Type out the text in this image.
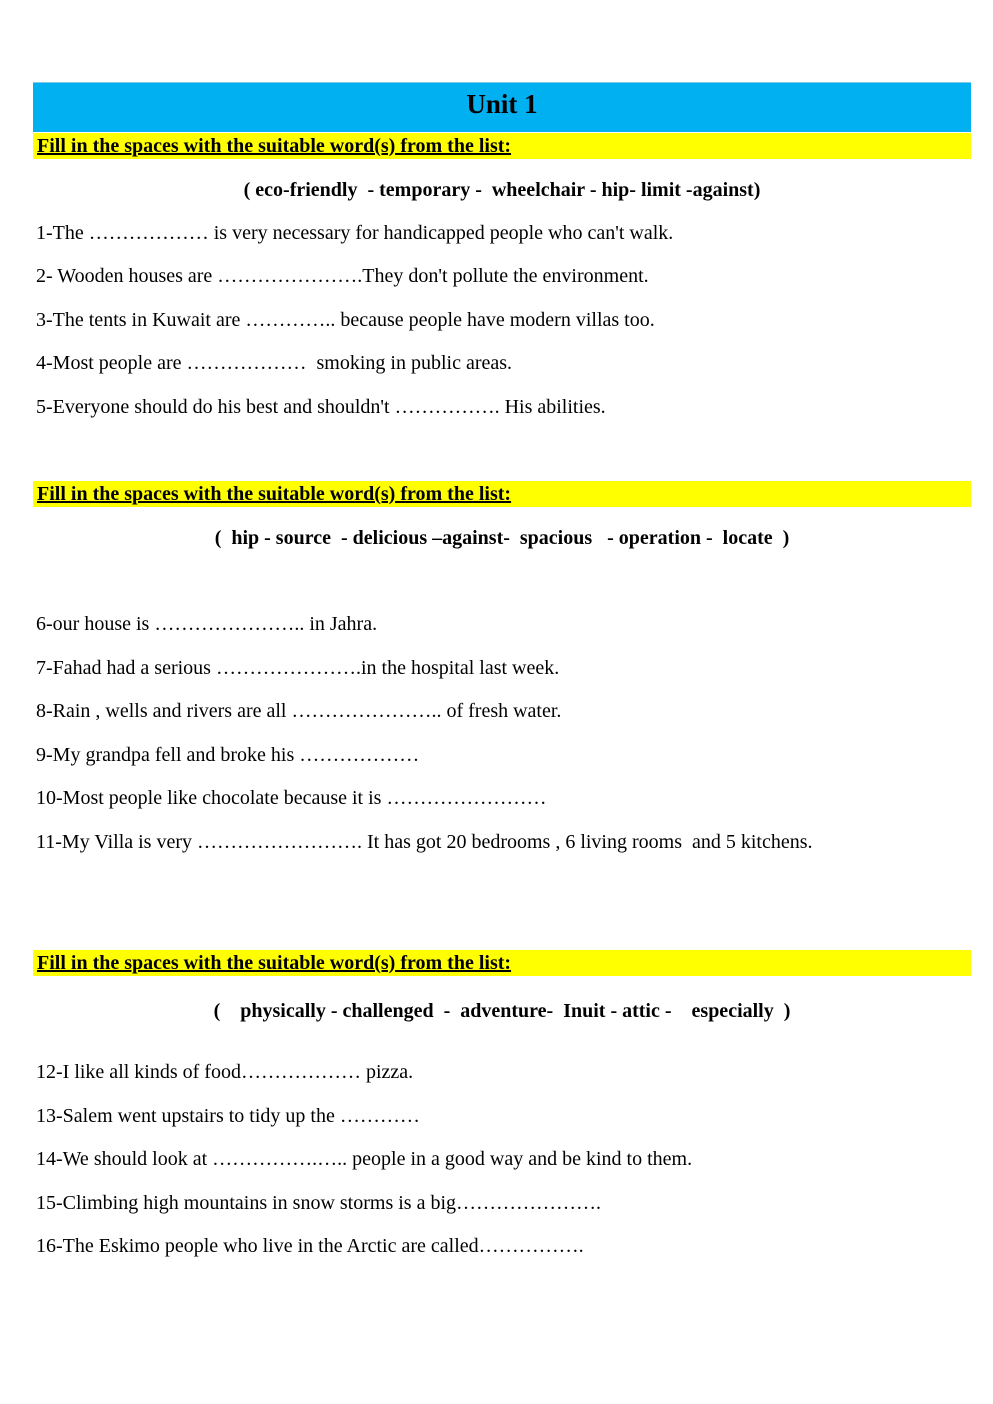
Unit 1
Fill in the spaces with the suitable word(s) from the list:
( eco-friendly  - temporary -  wheelchair - hip- limit -against)
1-The ……………… is very necessary for handicapped people who can't walk.
2- Wooden houses are ………………….They don't pollute the environment.
3-The tents in Kuwait are ………….. because people have modern villas too.
4-Most people are ………………  smoking in public areas.
5-Everyone should do his best and shouldn't ……………. His abilities.
Fill in the spaces with the suitable word(s) from the list:
(  hip - source  - delicious –against-  spacious   - operation -  locate  )
6-our house is ………………….. in Jahra.
7-Fahad had a serious ………………….in the hospital last week.
8-Rain , wells and rivers are all ………………….. of fresh water.
9-My grandpa fell and broke his ………………
10-Most people like chocolate because it is ……………………
11-My Villa is very ……………………. It has got 20 bedrooms , 6 living rooms  and 5 kitchens.
Fill in the spaces with the suitable word(s) from the list:
(    physically - challenged  -  adventure-  Inuit - attic -    especially  )
12-I like all kinds of food……………… pizza.
13-Salem went upstairs to tidy up the …………
14-We should look at …………….….. people in a good way and be kind to them.
15-Climbing high mountains in snow storms is a big………………….
16-The Eskimo people who live in the Arctic are called…………….
